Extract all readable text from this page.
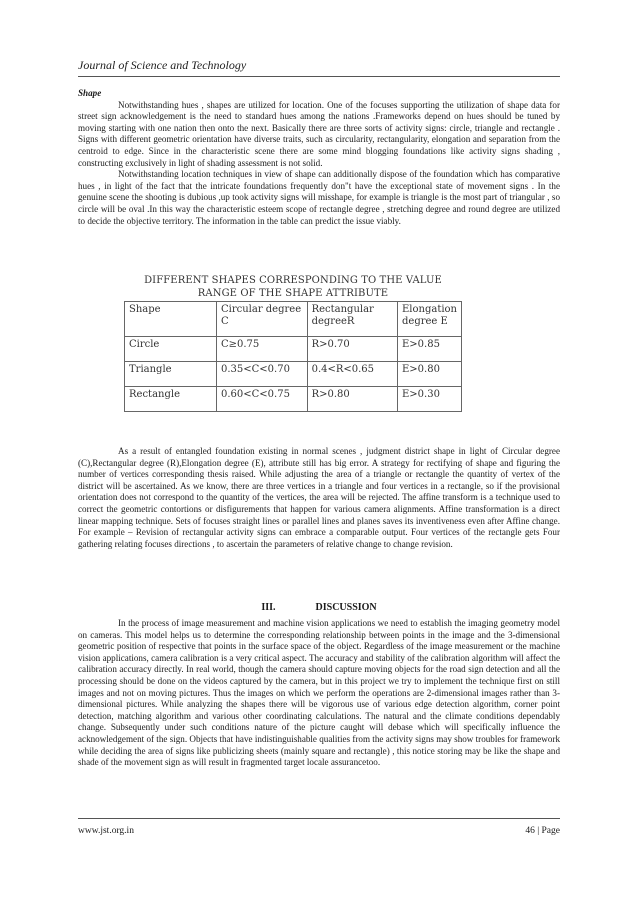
Journal of Science and Technology

Shape

Notwithstanding hues , shapes are utilized for location. One of the focuses supporting the utilization of shape data for street sign acknowledgement is the need to standard hues among the nations .Frameworks depend on hues should be tuned by moving starting with one nation then onto the next. Basically there are three sorts of activity signs: circle, triangle and rectangle . Signs with different geometric orientation have diverse traits, such as circularity, rectangularity, elongation and separation from the centroid to edge. Since in the characteristic scene there are some mind blogging foundations like activity signs shading , constructing exclusively in light of shading assessment is not solid.

Notwithstanding location techniques in view of shape can additionally dispose of the foundation which has comparative hues , in light of the fact that the intricate foundations frequently don"t have the exceptional state of movement signs . In the genuine scene the shooting is dubious ,up took activity signs will misshape, for example is triangle is the most part of triangular , so circle will be oval .In this way the characteristic esteem scope of rectangle degree , stretching degree and round degree are utilized to decide the objective territory. The information in the table can predict the issue viably.

DIFFERENT SHAPES CORRESPONDING TO THE VALUE RANGE OF THE SHAPE ATTRIBUTE
Shape	Circular degree C	Rectangular degreeR	Elongation degree E
Circle	C≥0.75	R>0.70	E>0.85
Triangle	0.35<C<0.70	0.4<R<0.65	E>0.80
Rectangle	0.60<C<0.75	R>0.80	E>0.30

As a result of entangled foundation existing in normal scenes , judgment district shape in light of Circular degree (C),Rectangular degree (R),Elongation degree (E), attribute still has big error. A strategy for rectifying of shape and figuring the number of vertices corresponding thesis raised. While adjusting the area of a triangle or rectangle the quantity of vertex of the district will be ascertained. As we know, there are three vertices in a triangle and four vertices in a rectangle, so if the provisional orientation does not correspond to the quantity of the vertices, the area will be rejected. The affine transform is a technique used to correct the geometric contortions or disfigurements that happen for various camera alignments. Affine transformation is a direct linear mapping technique. Sets of focuses straight lines or parallel lines and planes saves its inventiveness even after Affine change. For example – Revision of rectangular activity signs can embrace a comparable output. Four vertices of the rectangle gets Four gathering relating focuses directions , to ascertain the parameters of relative change to change revision.

III.	DISCUSSION

In the process of image measurement and machine vision applications we need to establish the imaging geometry model on cameras. This model helps us to determine the corresponding relationship between points in the image and the 3-dimensional geometric position of respective that points in the surface space of the object. Regardless of the image measurement or the machine vision applications, camera calibration is a very critical aspect. The accuracy and stability of the calibration algorithm will affect the calibration accuracy directly. In real world, though the camera should capture moving objects for the road sign detection and all the processing should be done on the videos captured by the camera, but in this project we try to implement the technique first on still images and not on moving pictures. Thus the images on which we perform the operations are 2-dimensional images rather than 3-dimensional pictures. While analyzing the shapes there will be vigorous use of various edge detection algorithm, corner point detection, matching algorithm and various other coordinating calculations. The natural and the climate conditions dependably change. Subsequently under such conditions nature of the picture caught will debase which will specifically influence the acknowledgement of the sign. Objects that have indistinguishable qualities from the activity signs may show troubles for framework while deciding the area of signs like publicizing sheets (mainly square and rectangle) , this notice storing may be like the shape and shade of the movement sign as will result in fragmented target locale assurancetoo.

www.jst.org.in	46 | Page
